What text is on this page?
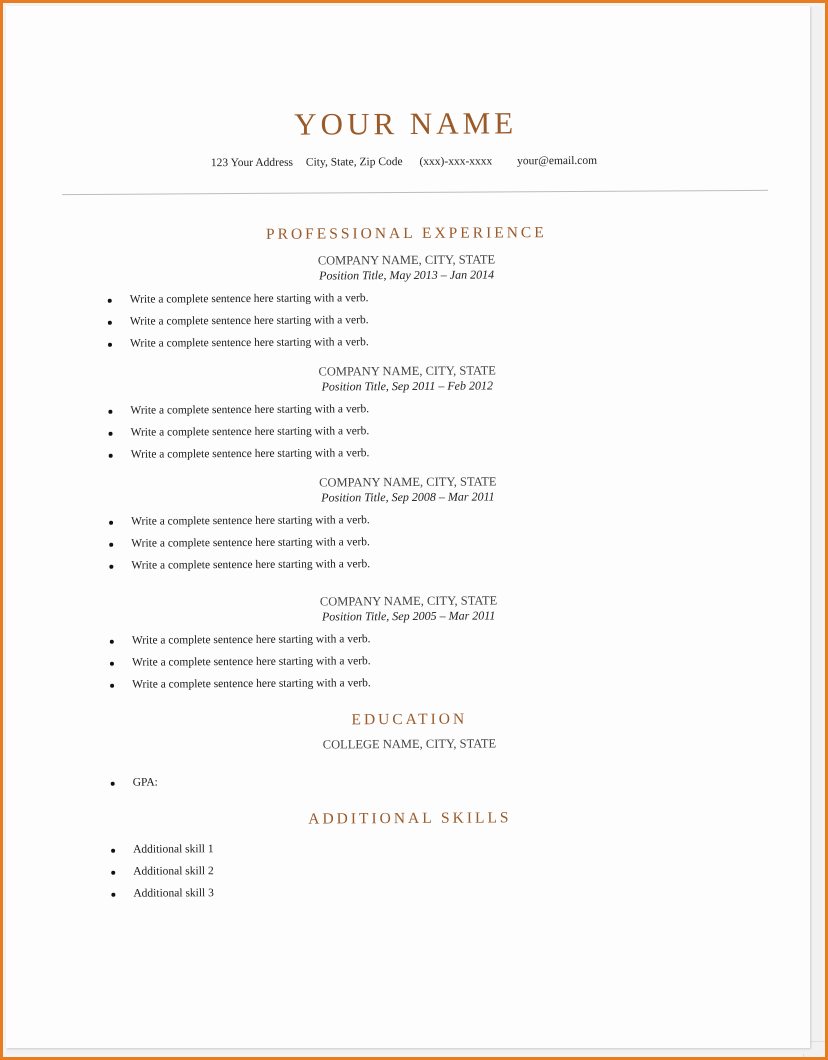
YOUR NAME
123 Your Address City, State, Zip Code (xxx)-xxx-xxxx your@email.com
PROFESSIONAL EXPERIENCE
COMPANY NAME, CITY, STATE
Position Title, May 2013 – Jan 2014
Write a complete sentence here starting with a verb.
Write a complete sentence here starting with a verb.
Write a complete sentence here starting with a verb.
COMPANY NAME, CITY, STATE
Position Title, Sep 2011 – Feb 2012
Write a complete sentence here starting with a verb.
Write a complete sentence here starting with a verb.
Write a complete sentence here starting with a verb.
COMPANY NAME, CITY, STATE
Position Title, Sep 2008 – Mar 2011
Write a complete sentence here starting with a verb.
Write a complete sentence here starting with a verb.
Write a complete sentence here starting with a verb.
COMPANY NAME, CITY, STATE
Position Title, Sep 2005 – Mar 2011
Write a complete sentence here starting with a verb.
Write a complete sentence here starting with a verb.
Write a complete sentence here starting with a verb.
EDUCATION
COLLEGE NAME, CITY, STATE
GPA:
ADDITIONAL SKILLS
Additional skill 1
Additional skill 2
Additional skill 3
